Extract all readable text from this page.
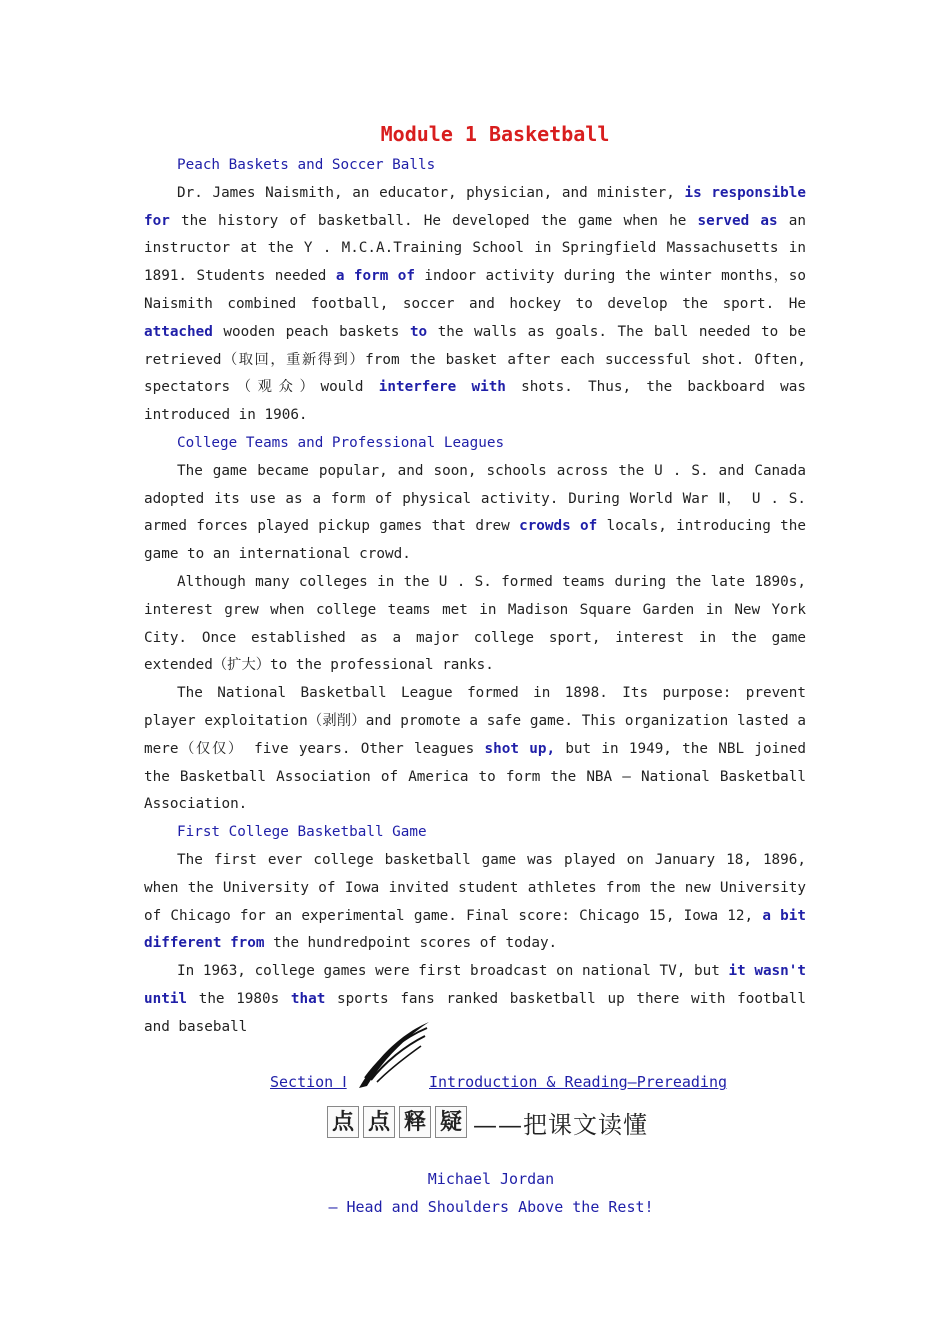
Module 1 Basketball

Peach Baskets and Soccer Balls

Dr. James Naismith, an educator, physician, and minister, is responsible for the history of basketball. He developed the game when he served as an instructor at the Y . M.C.A.Training School in Springfield Massachusetts in 1891. Students needed a form of indoor activity during the winter months，so Naismith combined football, soccer and hockey to develop the sport. He attached wooden peach baskets to the walls as goals. The ball needed to be retrieved（取回，重新得到）from the basket after each successful shot. Often, spectators（观众）would interfere with shots. Thus, the backboard was introduced in 1906.

College Teams and Professional Leagues

The game became popular, and soon, schools across the U . S. and Canada adopted its use as a form of physical activity. During World War Ⅱ， U . S. armed forces played pickup games that drew crowds of locals, introducing the game to an international crowd.

Although many colleges in the U . S. formed teams during the late 1890s, interest grew when college teams met in Madison Square Garden in New York City. Once established as a major college sport, interest in the game extended（扩大）to the professional ranks.

The National Basketball League formed in 1898. Its purpose: prevent player exploitation（剥削）and promote a safe game. This organization lasted a mere（仅仅） five years. Other leagues shot up, but in 1949, the NBL joined the Basketball Association of America to form the NBA — National Basketball Association.

First College Basketball Game

The first ever college basketball game was played on January 18, 1896, when the University of Iowa invited student athletes from the new University of Chicago for an experimental game. Final score: Chicago 15, Iowa 12, a bit different from the hundredpoint scores of today.

In 1963, college games were first broadcast on national TV, but it wasn't until the 1980s that sports fans ranked basketball up there with football and baseball

Section Ⅰ	Introduction & Reading—Prereading
点 点 释 疑 ——把课文读懂
Michael Jordan
— Head and Shoulders Above the Rest!
